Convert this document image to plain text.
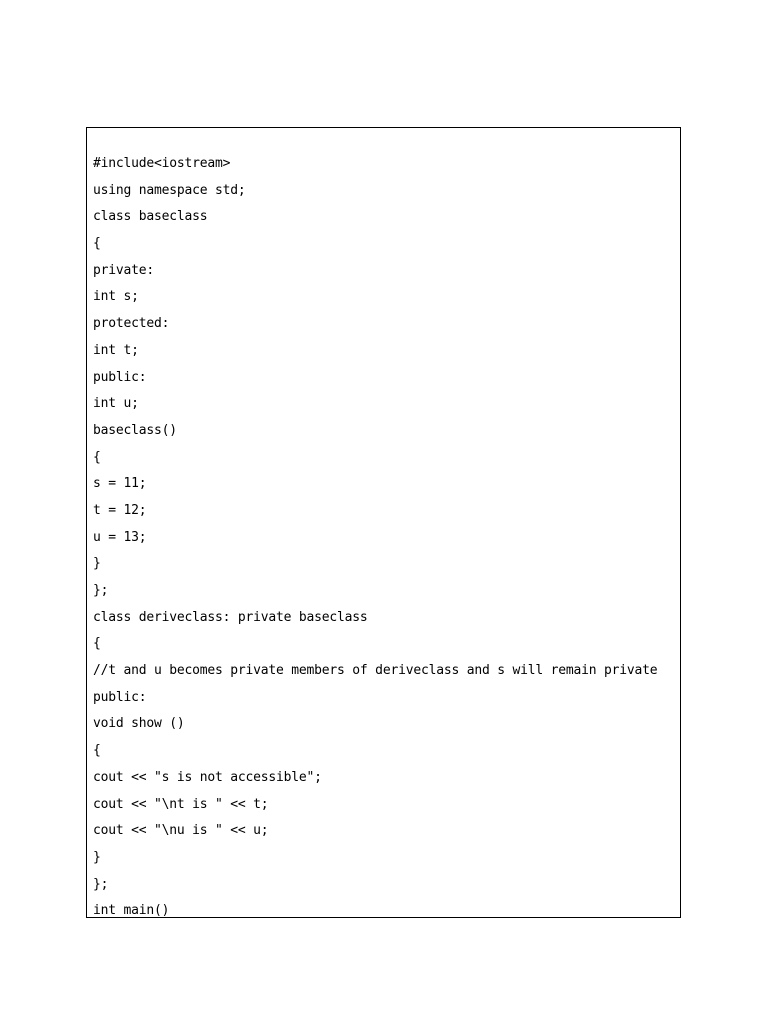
#include<iostream>
using namespace std;
class baseclass
{
private:
int s;
protected:
int t;
public:
int u;
baseclass()
{
s = 11;
t = 12;
u = 13;
}
};
class deriveclass: private baseclass
{
//t and u becomes private members of deriveclass and s will remain private
public:
void show ()
{
cout << "s is not accessible";
cout << "\nt is " << t;
cout << "\nu is " << u;
}
};
int main()
